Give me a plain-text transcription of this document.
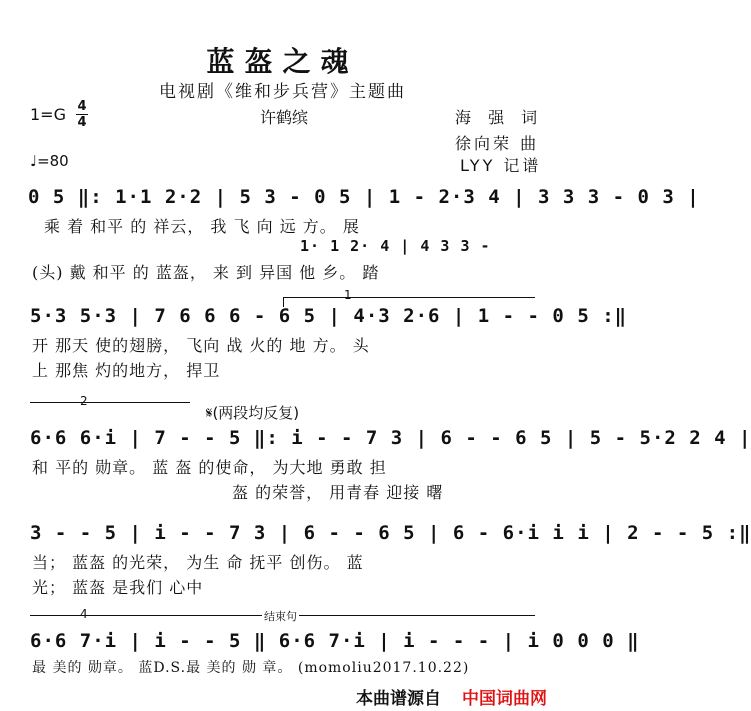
蓝盔之魂
电视剧《维和步兵营》主题曲
1=G 4
4
♩=80
许鹤缤	海 强 词
徐向荣 曲
LYY 记谱
0 5 ‖: 1·1 2·2 | 5 3 - 0 5 | 1 - 2·3 4 | 3 3 3 - 0 3 |
乘 着 和平 的 祥云， 我 飞 向 远 方。 展
1· 1 2· 4 | 4 3 3 -
(头) 戴 和平 的 蓝盔， 来 到 异国 他 乡。 踏
1
5·3 5·3 | 7 6 6 6 - 6 5 | 4·3 2·6 | 1 - - 0 5 :‖
开 那天 使的翅膀， 飞向 战 火的 地 方。 头
上 那焦 灼的地方， 捍卫
2
𝄋(两段均反复)
6·6 6·i | 7 - - 5 ‖: i - - 7 3 | 6 - - 6 5 | 5 - 5·2 2 4 |
和 平的 勋章。 蓝 盔 的使命， 为大地 勇敢 担
盔 的荣誉， 用青春 迎接 曙
3 - - 5 | i - - 7 3 | 6 - - 6 5 | 6 - 6·i i i | 2 - - 5 :‖
当； 蓝盔 的光荣， 为生 命 抚平 创伤。 蓝
光； 蓝盔 是我们 心中
4	结束句
6·6 7·i | i - - 5 ‖ 6·6 7·i | i - - - | i 0 0 0 ‖
最 美的 勋章。 蓝D.S.最 美的 勋 章。 (momoliu2017.10.22)
本曲谱源自 中国词曲网
